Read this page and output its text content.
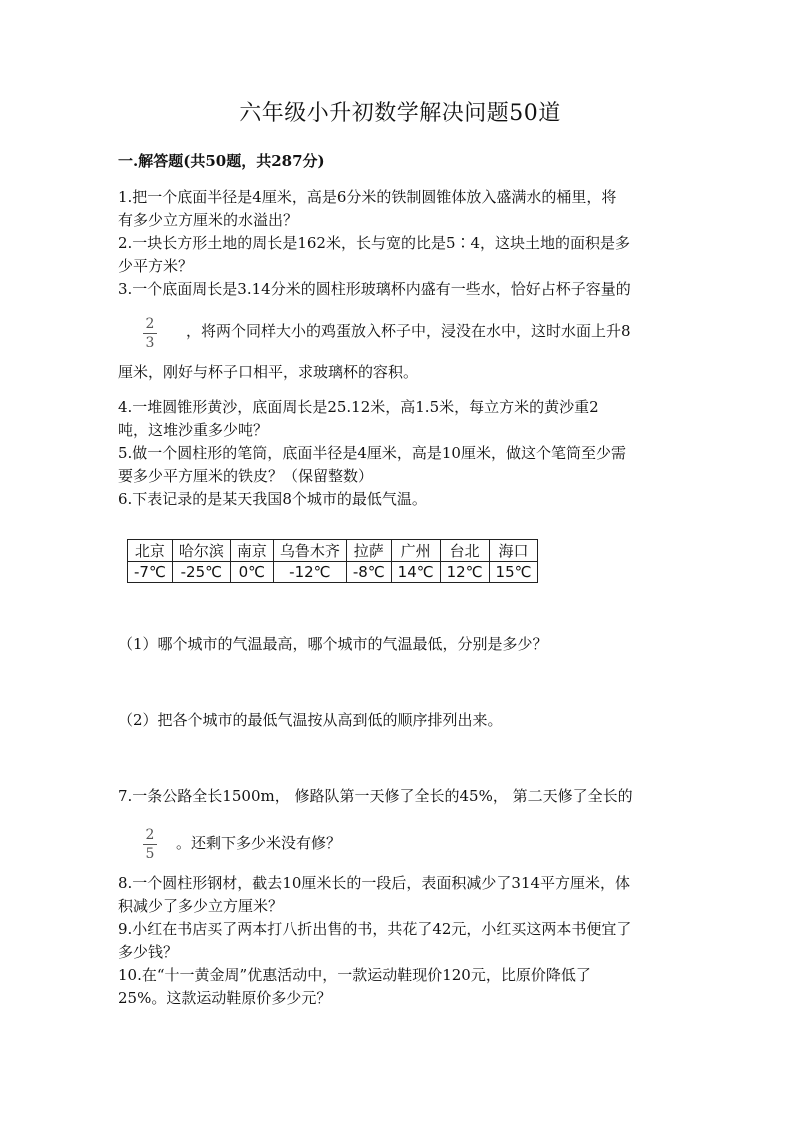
六年级小升初数学解决问题50道
一.解答题(共50题，共287分)
1.把一个底面半径是4厘米，高是6分米的铁制圆锥体放入盛满水的桶里，将
有多少立方厘米的水溢出？
2.一块长方形土地的周长是162米，长与宽的比是5∶4，这块土地的面积是多
少平方米？
3.一个底面周长是3.14分米的圆柱形玻璃杯内盛有一些水，恰好占杯子容量的
2
3
，将两个同样大小的鸡蛋放入杯子中，浸没在水中，这时水面上升8
厘米，刚好与杯子口相平，求玻璃杯的容积。
4.一堆圆锥形黄沙，底面周长是25.12米，高1.5米，每立方米的黄沙重2
吨，这堆沙重多少吨？
5.做一个圆柱形的笔筒，底面半径是4厘米，高是10厘米，做这个笔筒至少需
要多少平方厘米的铁皮？（保留整数）
6.下表记录的是某天我国8个城市的最低气温。
北京	哈尔滨	南京	乌鲁木齐	拉萨	广州	台北	海口
-7℃	-25℃	0℃	-12℃	-8℃	14℃	12℃	15℃
（1）哪个城市的气温最高，哪个城市的气温最低，分别是多少？
（2）把各个城市的最低气温按从高到低的顺序排列出来。
7.一条公路全长1500m， 修路队第一天修了全长的45%， 第二天修了全长的
2
5
。还剩下多少米没有修？
8.一个圆柱形钢材，截去10厘米长的一段后，表面积减少了314平方厘米，体
积减少了多少立方厘米？
9.小红在书店买了两本打八折出售的书，共花了42元，小红买这两本书便宜了
多少钱？
10.在“十一黄金周”优惠活动中，一款运动鞋现价120元，比原价降低了
25%。这款运动鞋原价多少元？
